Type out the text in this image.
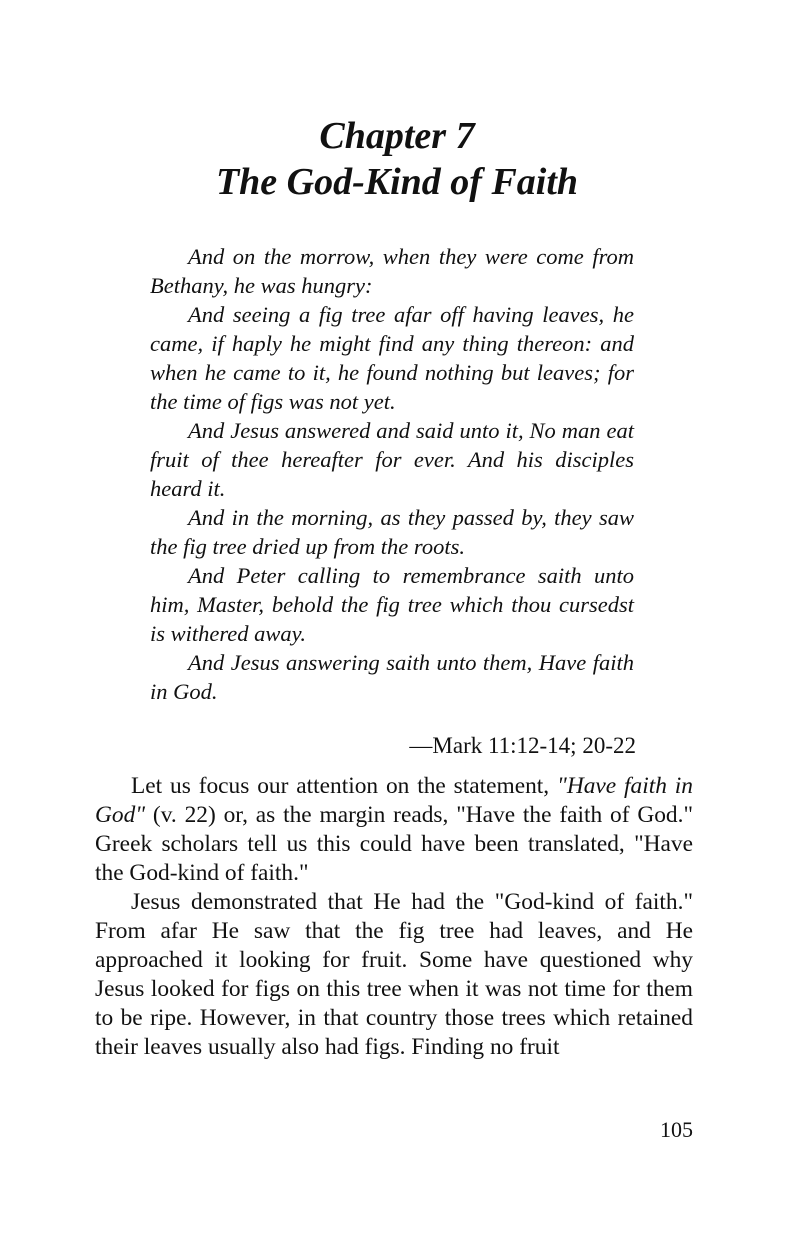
Chapter 7
The God-Kind of Faith

And on the morrow, when they were come from Bethany, he was hungry:

And seeing a fig tree afar off having leaves, he came, if haply he might find any thing thereon: and when he came to it, he found nothing but leaves; for the time of figs was not yet.

And Jesus answered and said unto it, No man eat fruit of thee hereafter for ever. And his disciples heard it.

And in the morning, as they passed by, they saw the fig tree dried up from the roots.

And Peter calling to remembrance saith unto him, Master, behold the fig tree which thou cursedst is withered away.

And Jesus answering saith unto them, Have faith in God.

—Mark 11:12-14; 20-22

Let us focus our attention on the statement, "Have faith in God" (v. 22) or, as the margin reads, "Have the faith of God." Greek scholars tell us this could have been translated, "Have the God-kind of faith."

Jesus demonstrated that He had the "God-kind of faith." From afar He saw that the fig tree had leaves, and He approached it looking for fruit. Some have questioned why Jesus looked for figs on this tree when it was not time for them to be ripe. However, in that country those trees which retained their leaves usually also had figs. Finding no fruit

105
